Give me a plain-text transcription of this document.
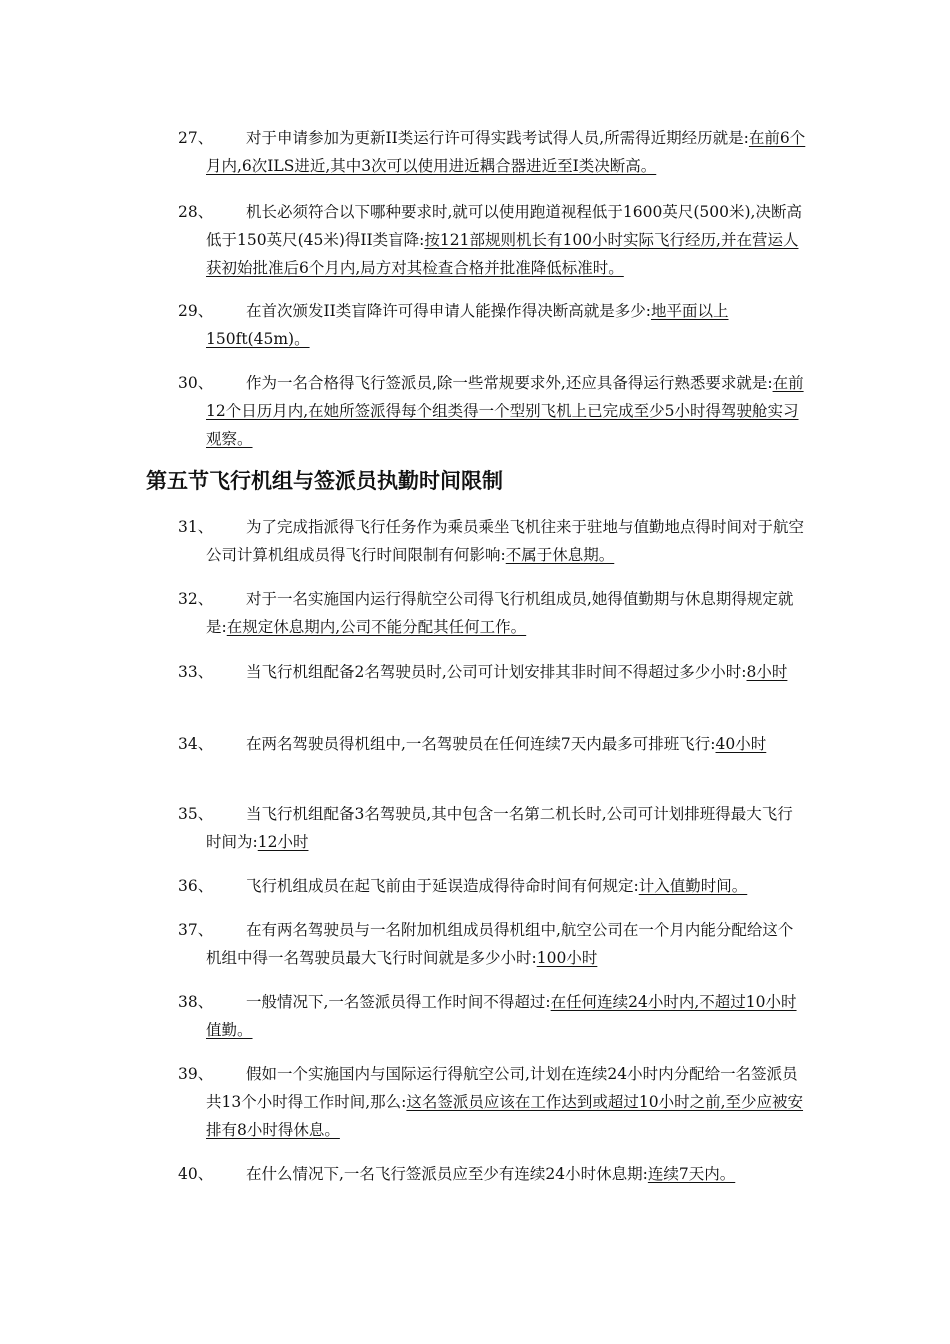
27、	对于申请参加为更新II类运行许可得实践考试得人员,所需得近期经历就是:在前6个月内,6次ILS进近,其中3次可以使用进近耦合器进近至I类决断高。
28、	机长必须符合以下哪种要求时,就可以使用跑道视程低于1600英尺(500米),决断高低于150英尺(45米)得II类盲降:按121部规则机长有100小时实际飞行经历,并在营运人获初始批准后6个月内,局方对其检查合格并批准降低标准时。
29、	在首次颁发II类盲降许可得申请人能操作得决断高就是多少:地平面以上150ft(45m)。
30、	作为一名合格得飞行签派员,除一些常规要求外,还应具备得运行熟悉要求就是:在前12个日历月内,在她所签派得每个组类得一个型别飞机上已完成至少5小时得驾驶舱实习观察。
第五节飞行机组与签派员执勤时间限制
31、	为了完成指派得飞行任务作为乘员乘坐飞机往来于驻地与值勤地点得时间对于航空公司计算机组成员得飞行时间限制有何影响:不属于休息期。
32、	对于一名实施国内运行得航空公司得飞行机组成员,她得值勤期与休息期得规定就是:在规定休息期内,公司不能分配其任何工作。
33、	当飞行机组配备2名驾驶员时,公司可计划安排其非时间不得超过多少小时:8小时
34、	在两名驾驶员得机组中,一名驾驶员在任何连续7天内最多可排班飞行:40小时
35、	当飞行机组配备3名驾驶员,其中包含一名第二机长时,公司可计划排班得最大飞行时间为:12小时
36、	飞行机组成员在起飞前由于延误造成得待命时间有何规定:计入值勤时间。
37、	在有两名驾驶员与一名附加机组成员得机组中,航空公司在一个月内能分配给这个机组中得一名驾驶员最大飞行时间就是多少小时:100小时
38、	一般情况下,一名签派员得工作时间不得超过:在任何连续24小时内,不超过10小时值勤。
39、	假如一个实施国内与国际运行得航空公司,计划在连续24小时内分配给一名签派员共13个小时得工作时间,那么:这名签派员应该在工作达到或超过10小时之前,至少应被安排有8小时得休息。
40、	在什么情况下,一名飞行签派员应至少有连续24小时休息期:连续7天内。
